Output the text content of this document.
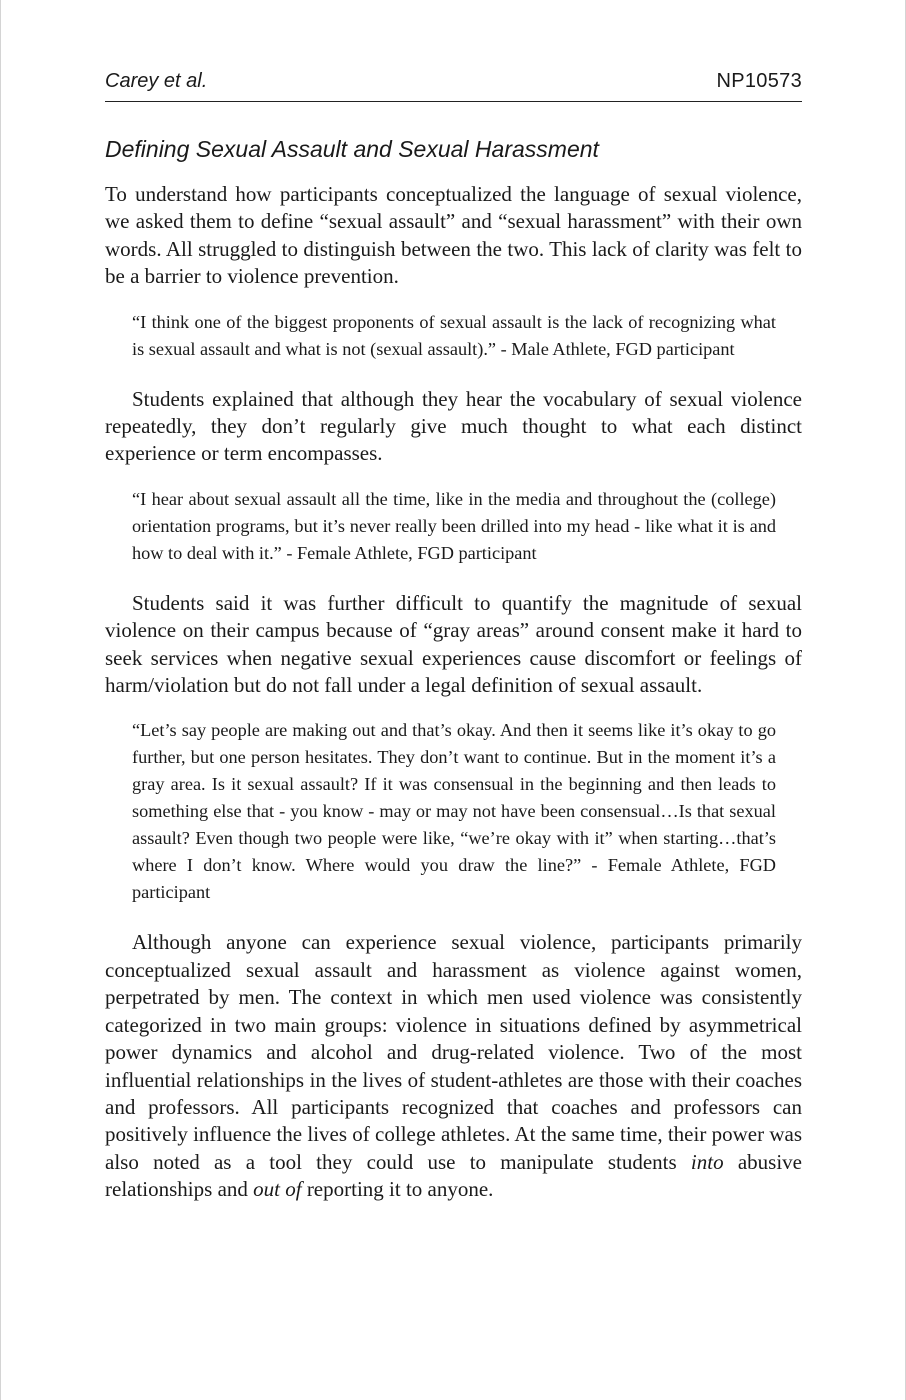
Carey et al.	NP10573
Defining Sexual Assault and Sexual Harassment

To understand how participants conceptualized the language of sexual violence, we asked them to define “sexual assault” and “sexual harassment” with their own words. All struggled to distinguish between the two. This lack of clarity was felt to be a barrier to violence prevention.

“I think one of the biggest proponents of sexual assault is the lack of recognizing what is sexual assault and what is not (sexual assault).” - Male Athlete, FGD participant

Students explained that although they hear the vocabulary of sexual violence repeatedly, they don’t regularly give much thought to what each distinct experience or term encompasses.

“I hear about sexual assault all the time, like in the media and throughout the (college) orientation programs, but it’s never really been drilled into my head - like what it is and how to deal with it.” - Female Athlete, FGD participant

Students said it was further difficult to quantify the magnitude of sexual violence on their campus because of “gray areas” around consent make it hard to seek services when negative sexual experiences cause discomfort or feelings of harm/violation but do not fall under a legal definition of sexual assault.

“Let’s say people are making out and that’s okay. And then it seems like it’s okay to go further, but one person hesitates. They don’t want to continue. But in the moment it’s a gray area. Is it sexual assault? If it was consensual in the beginning and then leads to something else that - you know - may or may not have been consensual…Is that sexual assault? Even though two people were like, “we’re okay with it” when starting…that’s where I don’t know. Where would you draw the line?” - Female Athlete, FGD participant

Although anyone can experience sexual violence, participants primarily conceptualized sexual assault and harassment as violence against women, perpetrated by men. The context in which men used violence was consistently categorized in two main groups: violence in situations defined by asymmetrical power dynamics and alcohol and drug-related violence. Two of the most influential relationships in the lives of student-athletes are those with their coaches and professors. All participants recognized that coaches and professors can positively influence the lives of college athletes. At the same time, their power was also noted as a tool they could use to manipulate students into abusive relationships and out of reporting it to anyone.
